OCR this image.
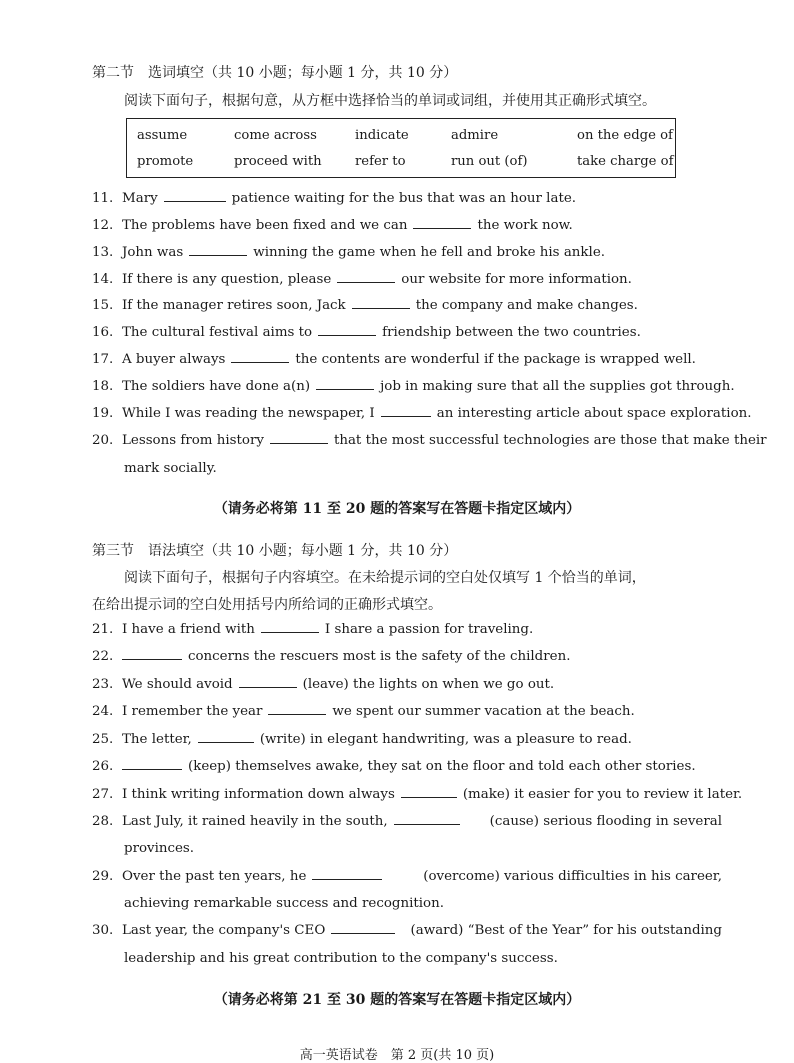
第二节 选词填空（共 10 小题；每小题 1 分，共 10 分）
阅读下面句子，根据句意，从方框中选择恰当的单词或词组，并使用其正确形式填空。
assume	come across	indicate	admire	on the edge of
promote	proceed with	refer to	run out (of)	take charge of
11. Mary	patience waiting for the bus that was an hour late.
12. The problems have been fixed and we can	the work now.
13. John was	winning the game when he fell and broke his ankle.
14. If there is any question, please	our website for more information.
15. If the manager retires soon, Jack	the company and make changes.
16. The cultural festival aims to	friendship between the two countries.
17. A buyer always	the contents are wonderful if the package is wrapped well.
18. The soldiers have done a(n)	job in making sure that all the supplies got through.
19. While I was reading the newspaper, I	an interesting article about space exploration.
20. Lessons from history	that the most successful technologies are those that make their
mark socially.
（请务必将第 11 至 20 题的答案写在答题卡指定区域内）
第三节 语法填空（共 10 小题；每小题 1 分，共 10 分）
阅读下面句子，根据句子内容填空。在未给提示词的空白处仅填写 1 个恰当的单词，
在给出提示词的空白处用括号内所给词的正确形式填空。
21. I have a friend with	I share a passion for traveling.
22.	concerns the rescuers most is the safety of the children.
23. We should avoid	(leave) the lights on when we go out.
24. I remember the year	we spent our summer vacation at the beach.
25. The letter,	(write) in elegant handwriting, was a pleasure to read.
26.	(keep) themselves awake, they sat on the floor and told each other stories.
27. I think writing information down always	(make) it easier for you to review it later.
28. Last July, it rained heavily in the south,	(cause) serious flooding in several
provinces.
29. Over the past ten years, he	(overcome) various difficulties in his career,
achieving remarkable success and recognition.
30. Last year, the company's CEO	(award) “Best of the Year” for his outstanding
leadership and his great contribution to the company's success.
（请务必将第 21 至 30 题的答案写在答题卡指定区域内）
高一英语试卷　第 2 页(共 10 页)
